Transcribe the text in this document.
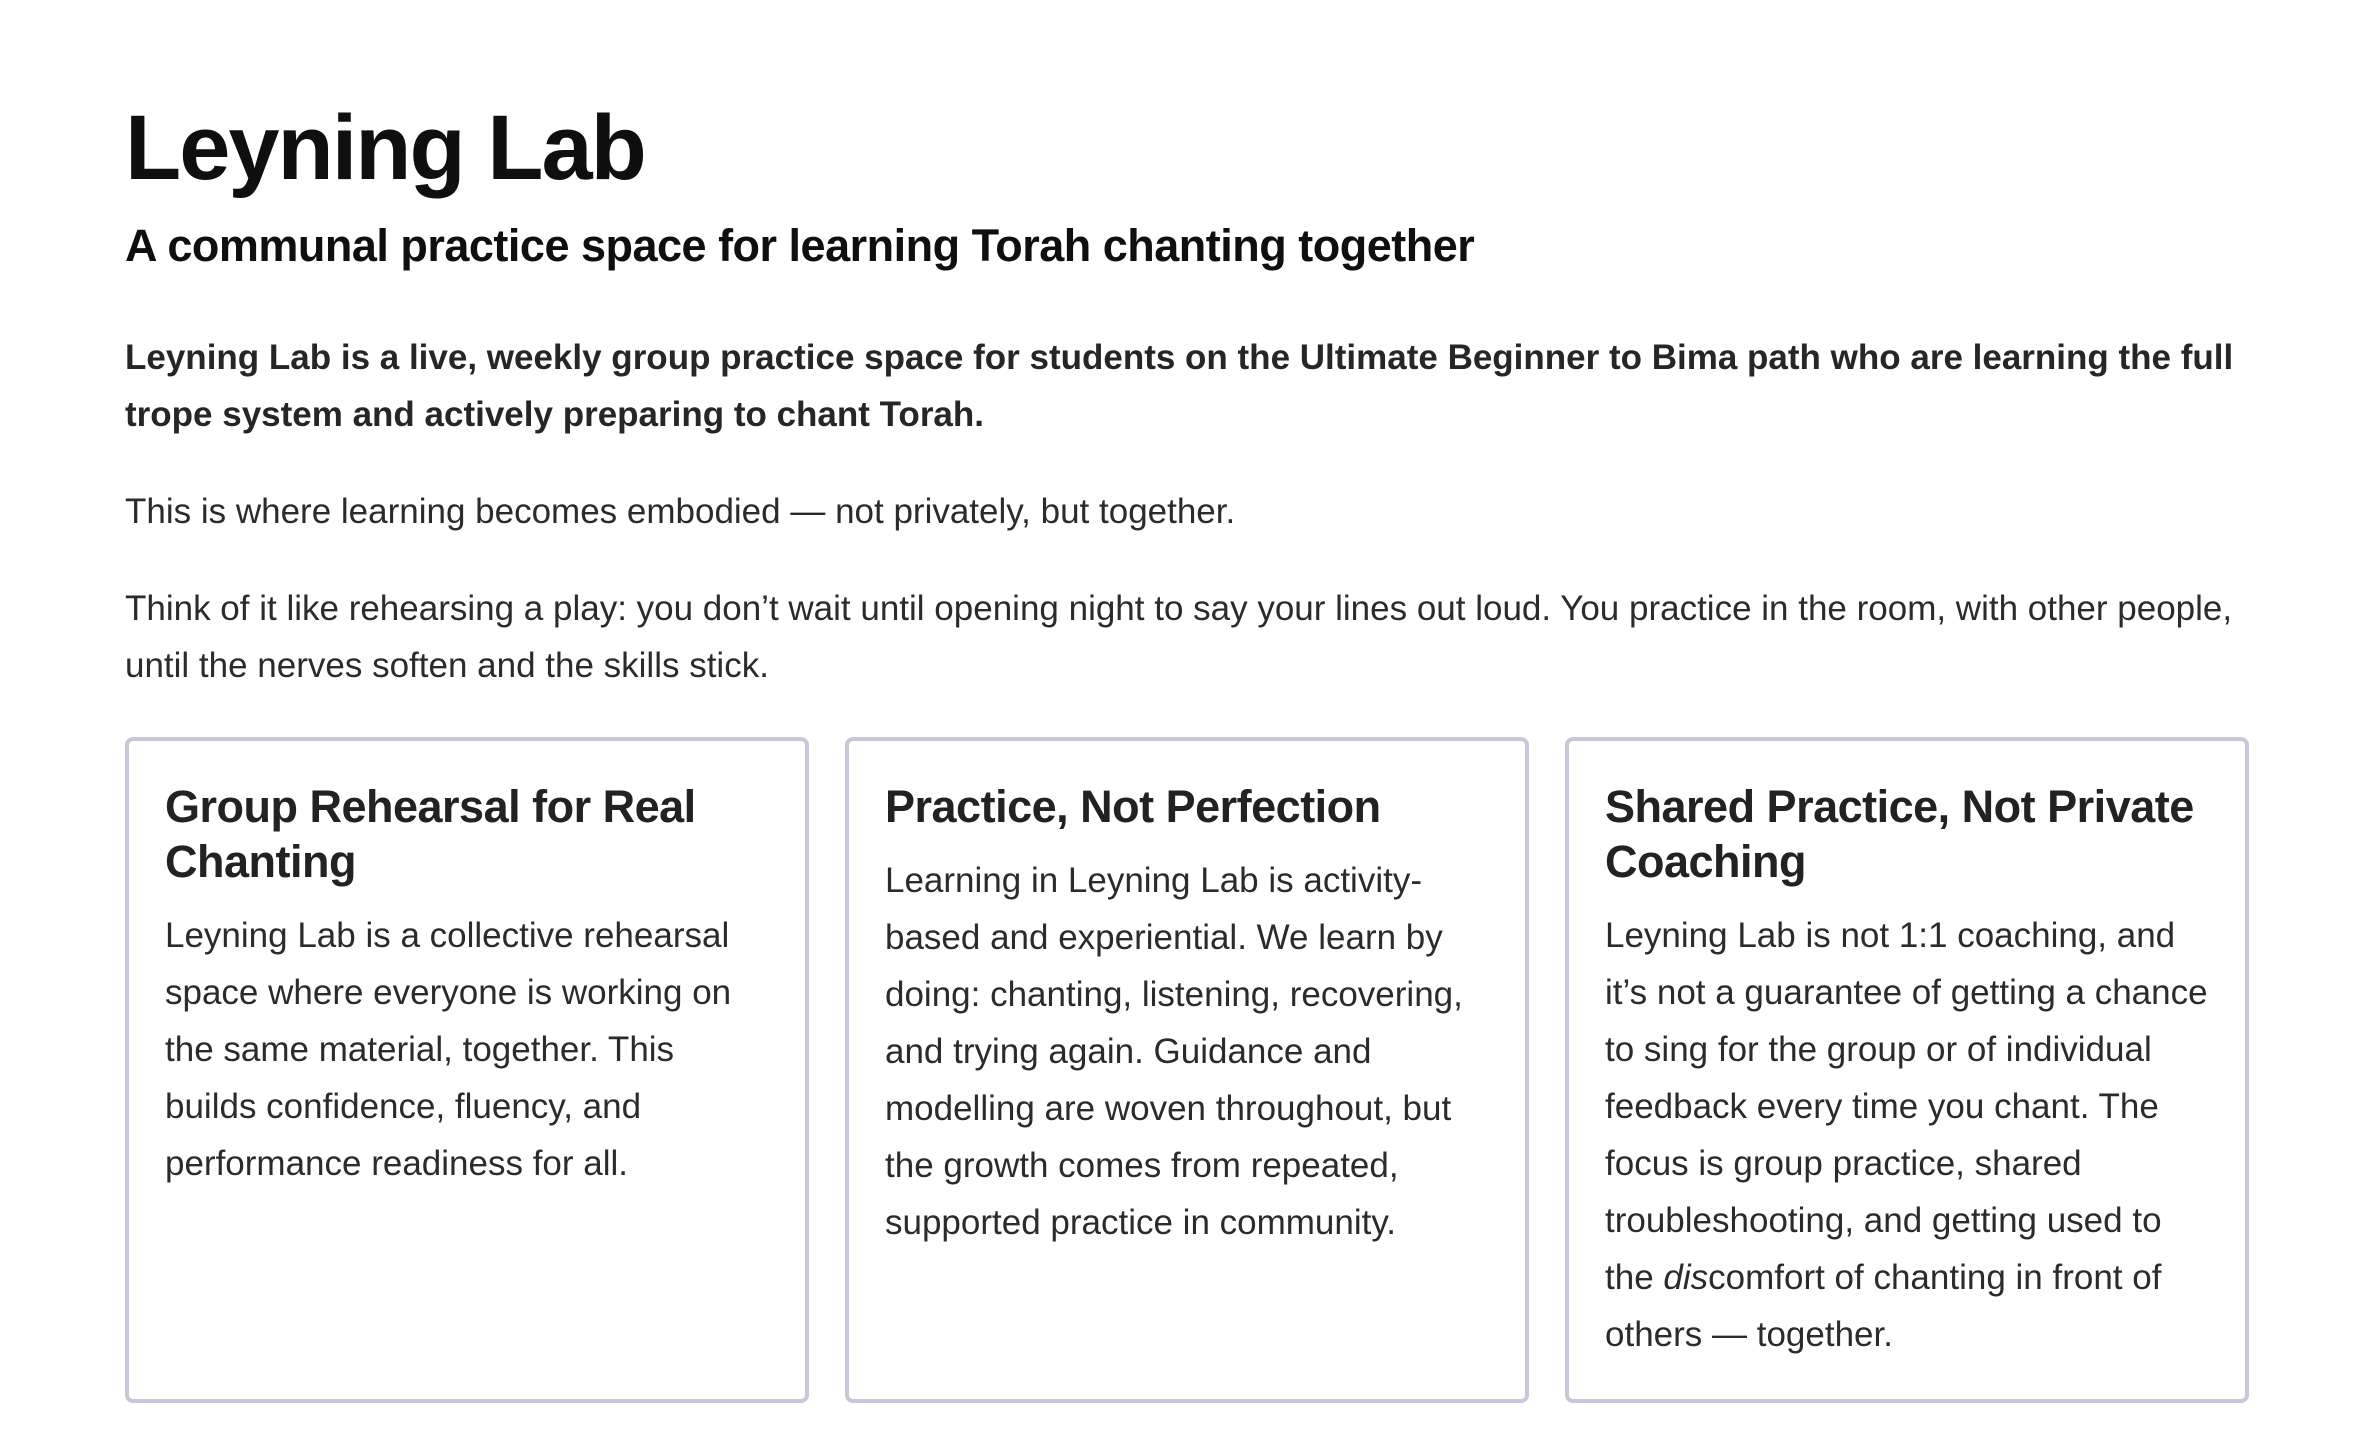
Leyning Lab
A communal practice space for learning Torah chanting together

Leyning Lab is a live, weekly group practice space for students on the Ultimate Beginner to Bima path who are learning the full trope system and actively preparing to chant Torah.

This is where learning becomes embodied — not privately, but together.

Think of it like rehearsing a play: you don’t wait until opening night to say your lines out loud. You practice in the room, with other people, until the nerves soften and the skills stick.

Group Rehearsal for Real Chanting

Leyning Lab is a collective rehearsal space where everyone is working on the same material, together. This builds confidence, fluency, and performance readiness for all.

Practice, Not Perfection

Learning in Leyning Lab is activity-based and experiential. We learn by doing: chanting, listening, recovering, and trying again. Guidance and modelling are woven throughout, but the growth comes from repeated, supported practice in community.

Shared Practice, Not Private Coaching

Leyning Lab is not 1:1 coaching, and it’s not a guarantee of getting a chance to sing for the group or of individual feedback every time you chant. The focus is group practice, shared troubleshooting, and getting used to the discomfort of chanting in front of others — together.
